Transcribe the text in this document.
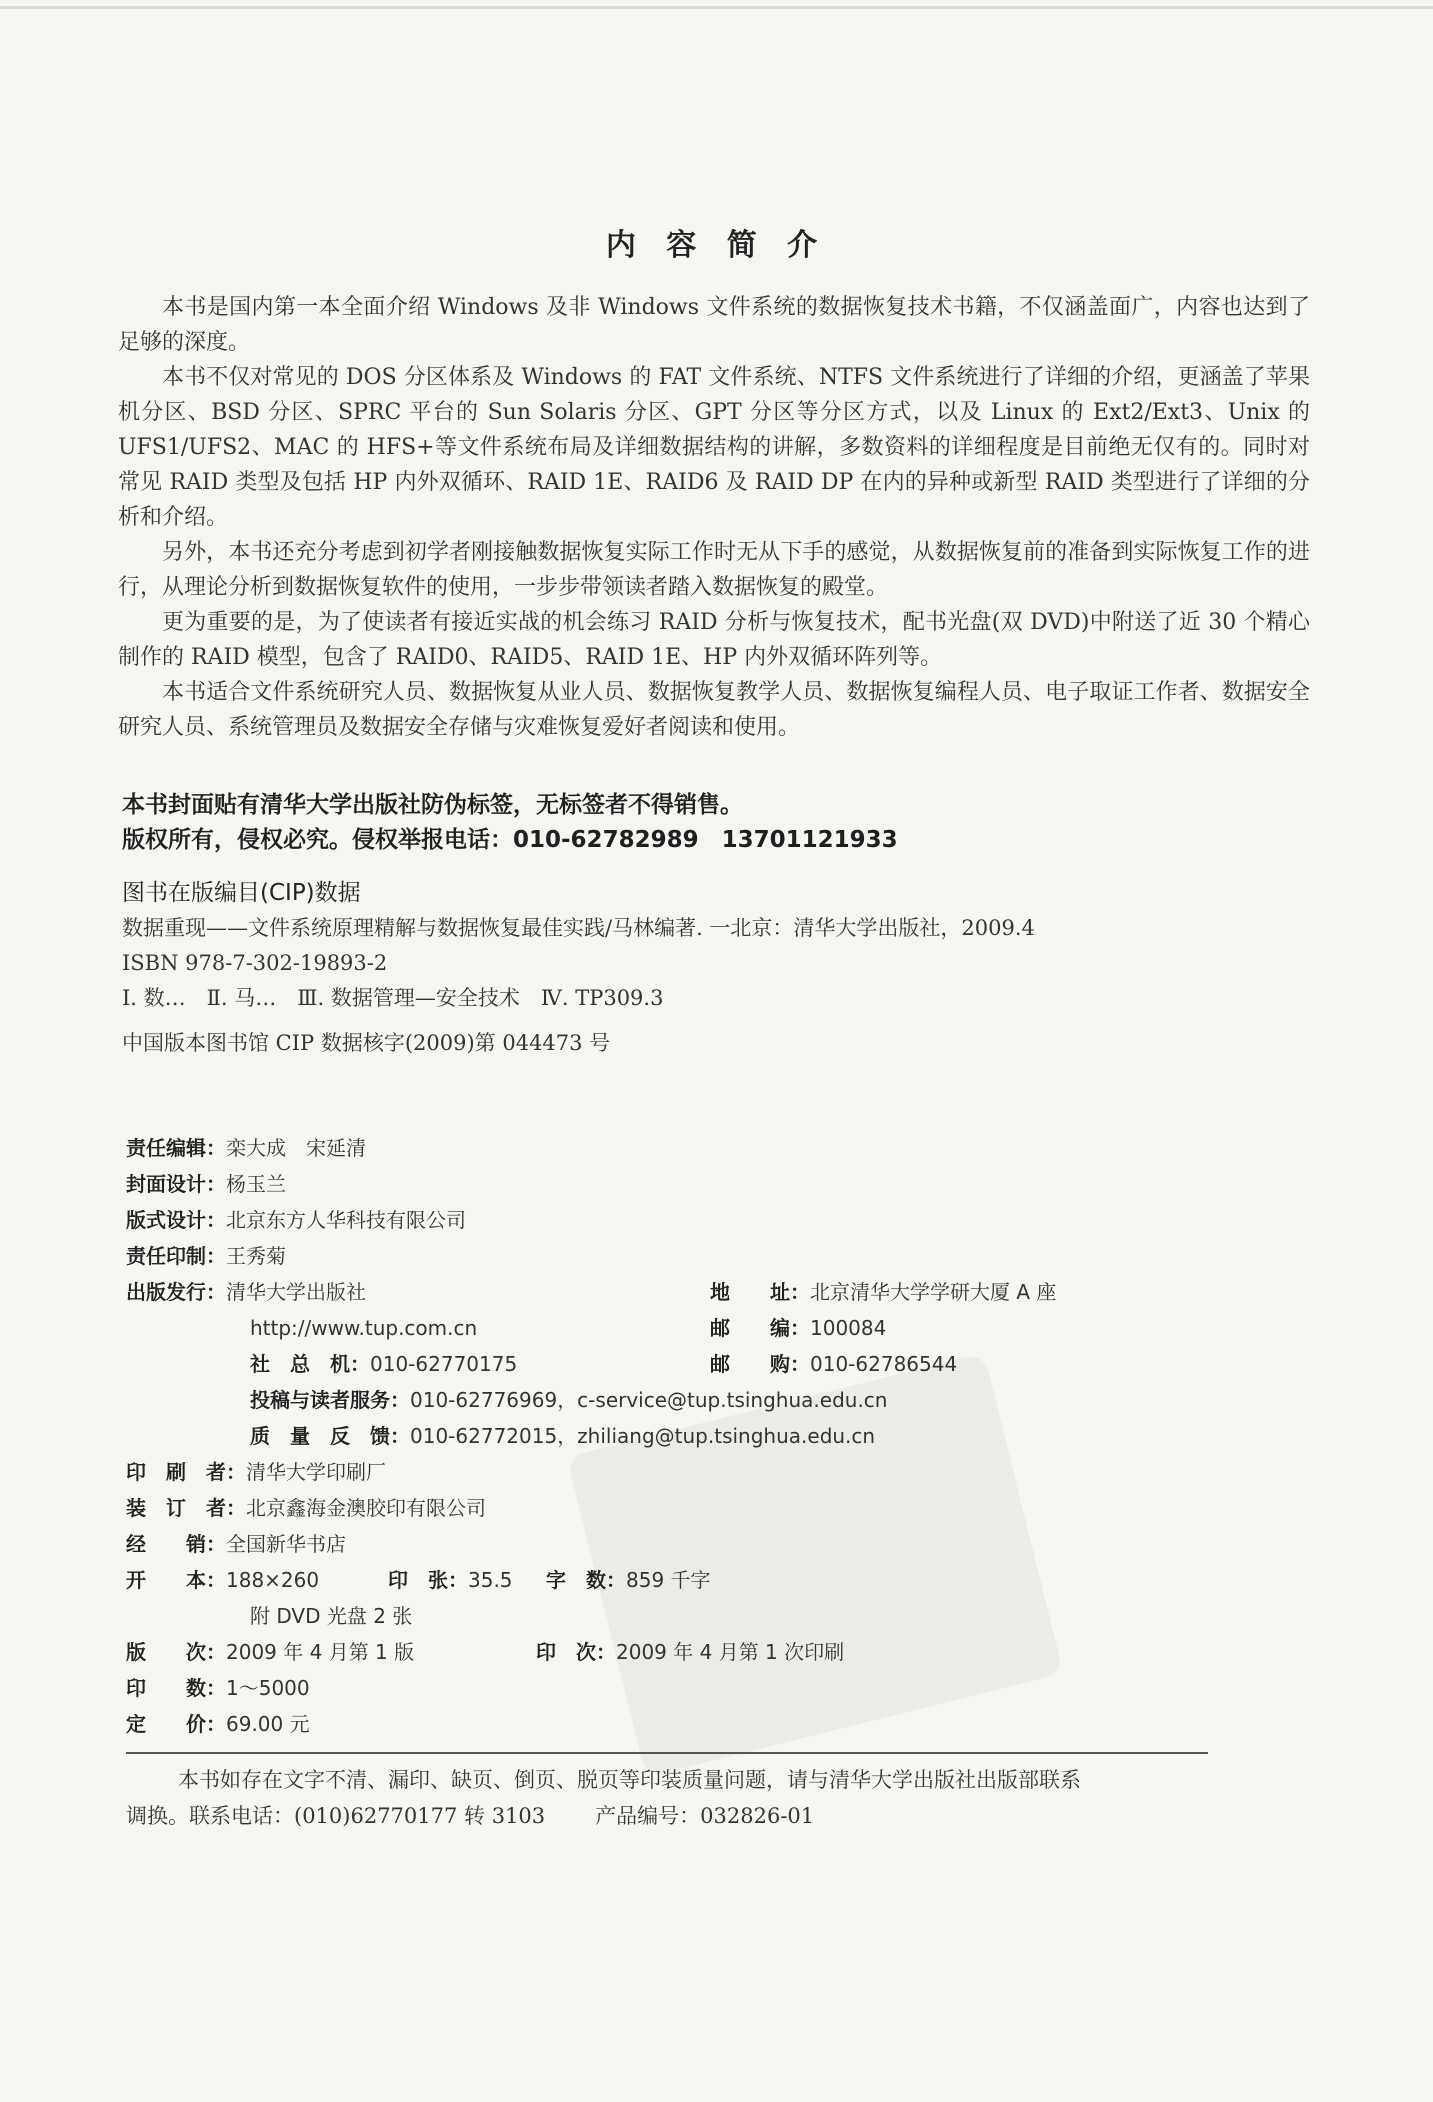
内 容 简 介

本书是国内第一本全面介绍 Windows 及非 Windows 文件系统的数据恢复技术书籍，不仅涵盖面广，内容也达到了足够的深度。

本书不仅对常见的 DOS 分区体系及 Windows 的 FAT 文件系统、NTFS 文件系统进行了详细的介绍，更涵盖了苹果机分区、BSD 分区、SPRC 平台的 Sun Solaris 分区、GPT 分区等分区方式，以及 Linux 的 Ext2/Ext3、Unix 的 UFS1/UFS2、MAC 的 HFS+等文件系统布局及详细数据结构的讲解，多数资料的详细程度是目前绝无仅有的。同时对常见 RAID 类型及包括 HP 内外双循环、RAID 1E、RAID6 及 RAID DP 在内的异种或新型 RAID 类型进行了详细的分析和介绍。

另外，本书还充分考虑到初学者刚接触数据恢复实际工作时无从下手的感觉，从数据恢复前的准备到实际恢复工作的进行，从理论分析到数据恢复软件的使用，一步步带领读者踏入数据恢复的殿堂。

更为重要的是，为了使读者有接近实战的机会练习 RAID 分析与恢复技术，配书光盘(双 DVD)中附送了近 30 个精心制作的 RAID 模型，包含了 RAID0、RAID5、RAID 1E、HP 内外双循环阵列等。

本书适合文件系统研究人员、数据恢复从业人员、数据恢复教学人员、数据恢复编程人员、电子取证工作者、数据安全研究人员、系统管理员及数据安全存储与灾难恢复爱好者阅读和使用。

本书封面贴有清华大学出版社防伪标签，无标签者不得销售。
版权所有，侵权必究。侵权举报电话：010-62782989　13701121933
图书在版编目(CIP)数据
数据重现——文件系统原理精解与数据恢复最佳实践/马林编著. 一北京：清华大学出版社，2009.4
ISBN 978-7-302-19893-2
Ⅰ. 数…　Ⅱ. 马…　Ⅲ. 数据管理—安全技术　Ⅳ. TP309.3
中国版本图书馆 CIP 数据核字(2009)第 044473 号
责任编辑：栾大成　宋延清
封面设计：杨玉兰
版式设计：北京东方人华科技有限公司
责任印制：王秀菊
出版发行：清华大学出版社	地　　址：北京清华大学学研大厦 A 座
http://www.tup.com.cn	邮　　编：100084
社　总　机：010-62770175	邮　　购：010-62786544
投稿与读者服务：010-62776969，c-service@tup.tsinghua.edu.cn
质　量　反　馈：010-62772015，zhiliang@tup.tsinghua.edu.cn
印　刷　者：清华大学印刷厂
装　订　者：北京鑫海金澳胶印有限公司
经　　销：全国新华书店
开　　本：188×260	印　张：35.5 字　数：859 千字
附 DVD 光盘 2 张
版　　次：2009 年 4 月第 1 版	印　次：2009 年 4 月第 1 次印刷
印　　数：1～5000
定　　价：69.00 元
本书如存在文字不清、漏印、缺页、倒页、脱页等印装质量问题，请与清华大学出版社出版部联系
调换。联系电话：(010)62770177 转 3103 产品编号：032826-01
